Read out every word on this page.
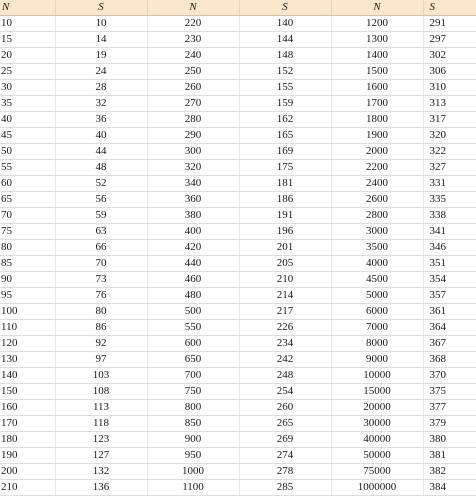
N	S	N	S	N	S
10	10	220	140	1200	291
15	14	230	144	1300	297
20	19	240	148	1400	302
25	24	250	152	1500	306
30	28	260	155	1600	310
35	32	270	159	1700	313
40	36	280	162	1800	317
45	40	290	165	1900	320
50	44	300	169	2000	322
55	48	320	175	2200	327
60	52	340	181	2400	331
65	56	360	186	2600	335
70	59	380	191	2800	338
75	63	400	196	3000	341
80	66	420	201	3500	346
85	70	440	205	4000	351
90	73	460	210	4500	354
95	76	480	214	5000	357
100	80	500	217	6000	361
110	86	550	226	7000	364
120	92	600	234	8000	367
130	97	650	242	9000	368
140	103	700	248	10000	370
150	108	750	254	15000	375
160	113	800	260	20000	377
170	118	850	265	30000	379
180	123	900	269	40000	380
190	127	950	274	50000	381
200	132	1000	278	75000	382
210	136	1100	285	1000000	384
